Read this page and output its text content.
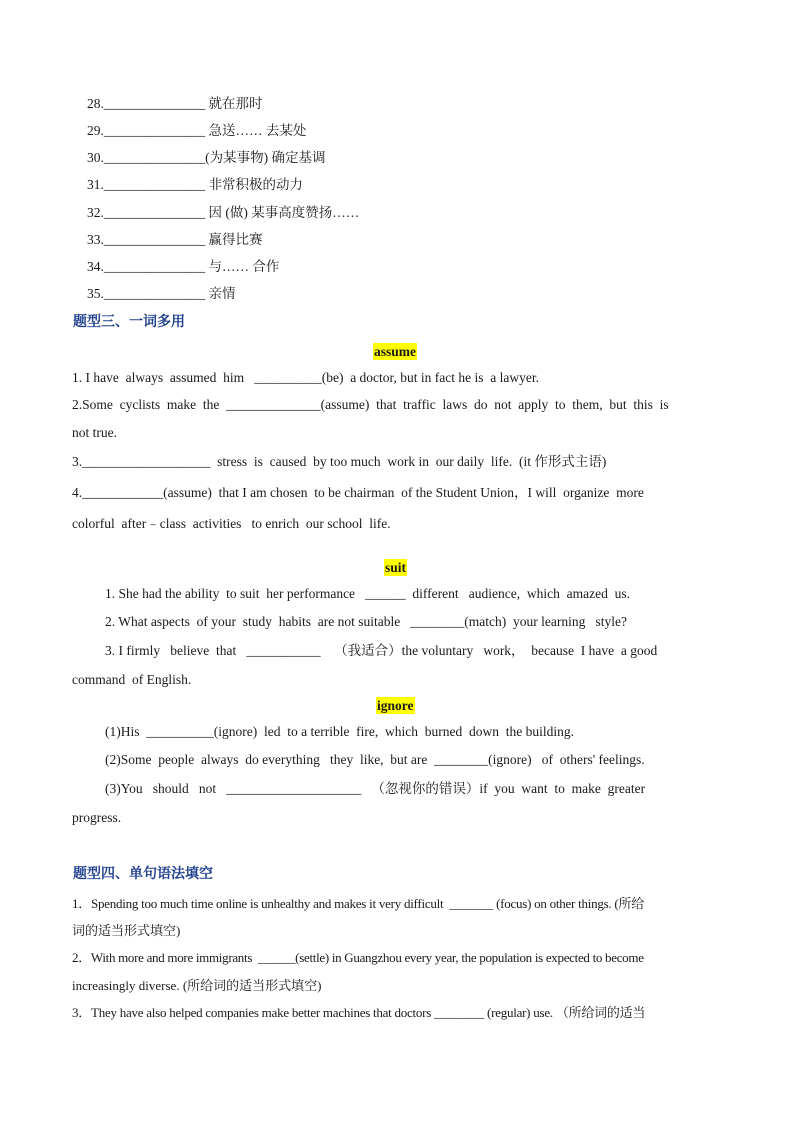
28._______________ 就在那时
29._______________ 急送…… 去某处
30._______________(为某事物) 确定基调
31._______________ 非常积极的动力
32._______________ 因 (做) 某事高度赞扬……
33._______________ 赢得比赛
34._______________ 与…… 合作
35._______________ 亲情
题型三、一词多用
assume
1. I have  always  assumed  him   __________(be)  a doctor, but in fact he is  a lawyer.
2.Some  cyclists  make  the  ______________(assume)  that  traffic  laws  do  not  apply  to  them,  but  this  is
not true.
3.___________________  stress  is  caused  by too much  work in  our daily  life.  (it 作形式主语)
4.____________(assume)  that I am chosen  to be chairman  of the Student Union，I will  organize  more
colorful  after﹣class  activities   to enrich  our school  life.
suit
1. She had the ability  to suit  her performance   ______  different   audience,  which  amazed  us.
2. What aspects  of your  study  habits  are not suitable   ________(match)  your learning   style?
3. I firmly   believe  that   ___________    （我适合）the voluntary   work，  because  I have  a good
command  of English.
ignore
(1)His  __________(ignore)  led  to a terrible  fire,  which  burned  down  the building.
(2)Some  people  always  do everything   they  like,  but are  ________(ignore)   of  others' feelings.
(3)You   should   not   ____________________   （忽视你的错误）if  you  want  to  make  greater
progress.
题型四、单句语法填空
1．Spending too much time online is unhealthy and makes it very difficult  _______ (focus) on other things. (所给
词的适当形式填空)
2．With more and more immigrants  ______(settle) in Guangzhou every year, the population is expected to become
increasingly diverse. (所给词的适当形式填空)
3．They have also helped companies make better machines that doctors ________ (regular) use. （所给词的适当
